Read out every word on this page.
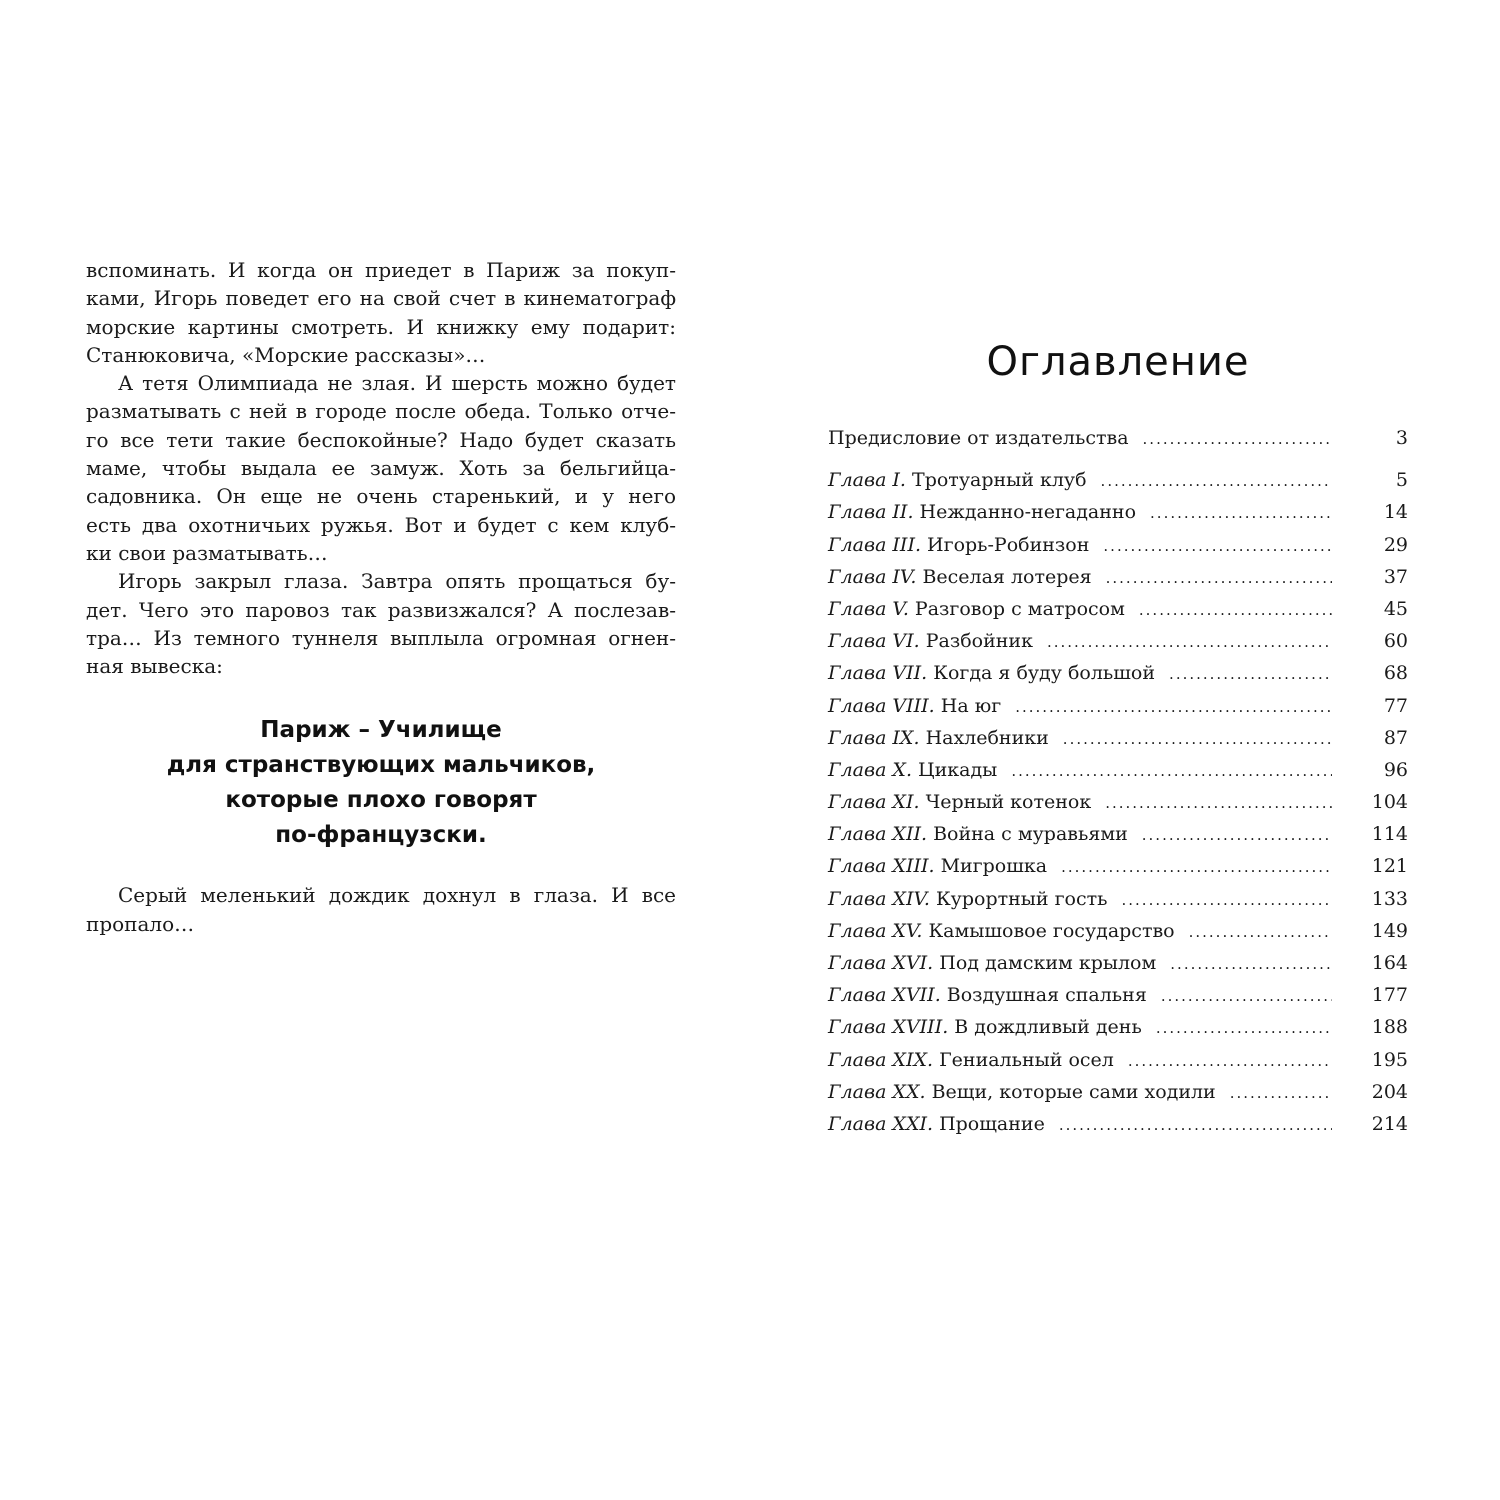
вспоминать. И когда он приедет в Париж за покуп-
ками, Игорь поведет его на свой счет в кинематограф
морские картины смотреть. И книжку ему подарит:
Станюковича, «Морские рассказы»…
А тетя Олимпиада не злая. И шерсть можно будет
разматывать с ней в городе после обеда. Только отче-
го все тети такие беспокойные? Надо будет сказать
маме, чтобы выдала ее замуж. Хоть за бельгийца-
садовника. Он еще не очень старенький, и у него
есть два охотничьих ружья. Вот и будет с кем клуб-
ки свои разматывать…
Игорь закрыл глаза. Завтра опять прощаться бу-
дет. Чего это паровоз так развизжался? А послезав-
тра… Из темного туннеля выплыла огромная огнен-
ная вывеска:
Париж – Училище
для странствующих мальчиков,
которые плохо говорят
по-французски.
Серый меленький дождик дохнул в глаза. И все
пропало…
Оглавление
Предисловие от издательства .....	3
Глава I. Тротуарный клуб .....	5
Глава II. Нежданно-негаданно .....	14
Глава III. Игорь-Робинзон .....	29
Глава IV. Веселая лотерея .....	37
Глава V. Разговор с матросом .....	45
Глава VI. Разбойник .....	60
Глава VII. Когда я буду большой .....	68
Глава VIII. На юг .....	77
Глава IX. Нахлебники .....	87
Глава X. Цикады .....	96
Глава XI. Черный котенок .....	104
Глава XII. Война с муравьями .....	114
Глава XIII. Мигрошка .....	121
Глава XIV. Курортный гость .....	133
Глава XV. Камышовое государство .....	149
Глава XVI. Под дамским крылом .....	164
Глава XVII. Воздушная спальня .....	177
Глава XVIII. В дождливый день .....	188
Глава XIX. Гениальный осел .....	195
Глава XX. Вещи, которые сами ходили .....	204
Глава XXI. Прощание .....	214
